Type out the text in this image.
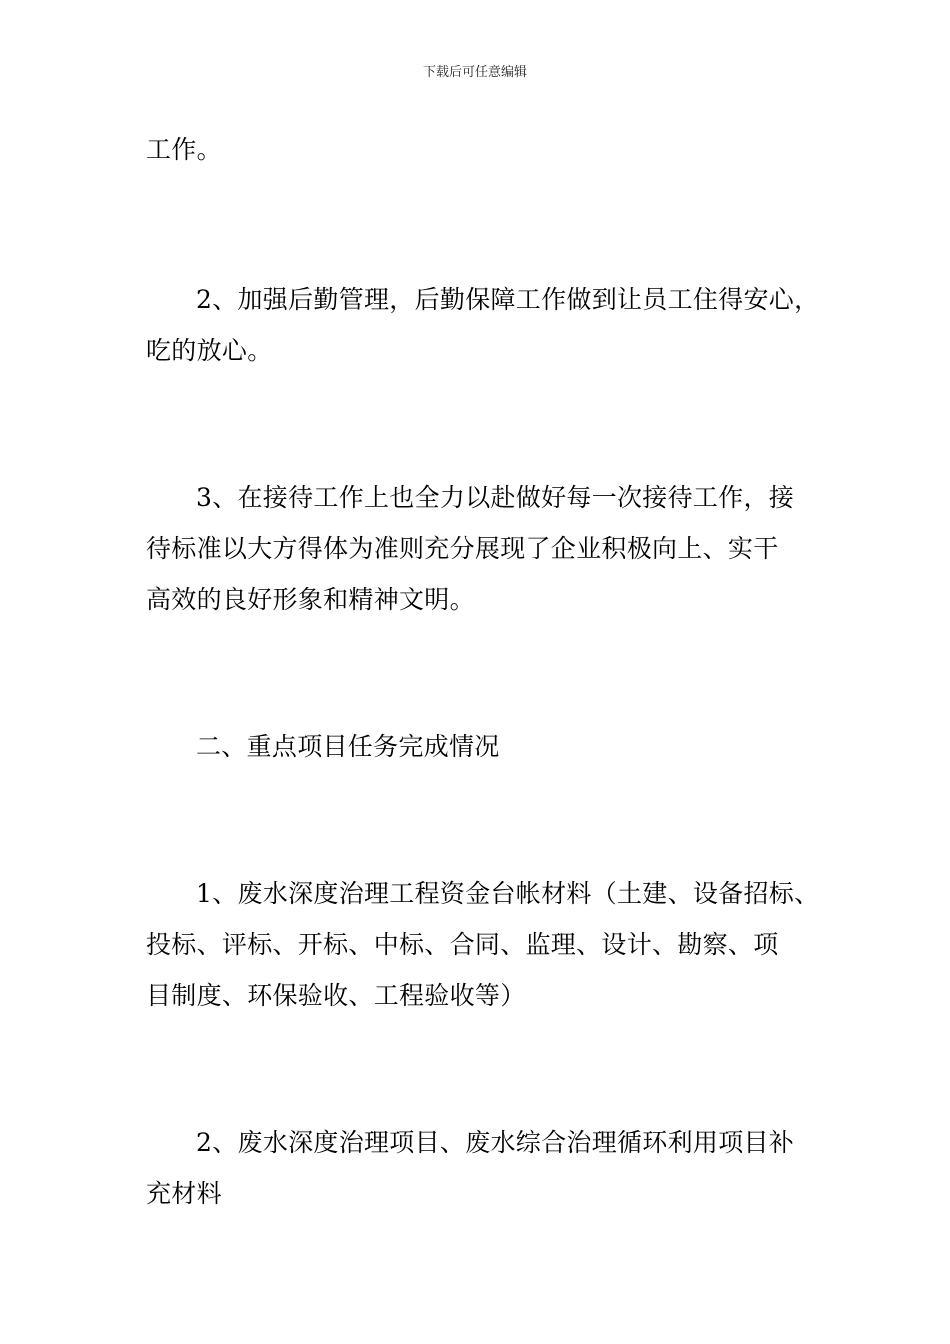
下载后可任意编辑
工作。
2、加强后勤管理，后勤保障工作做到让员工住得安心，
吃的放心。
3、在接待工作上也全力以赴做好每一次接待工作，接
待标准以大方得体为准则充分展现了企业积极向上、实干
高效的良好形象和精神文明。
二、重点项目任务完成情况
1、废水深度治理工程资金台帐材料（土建、设备招标、
投标、评标、开标、中标、合同、监理、设计、勘察、项
目制度、环保验收、工程验收等）
2、废水深度治理项目、废水综合治理循环利用项目补
充材料
